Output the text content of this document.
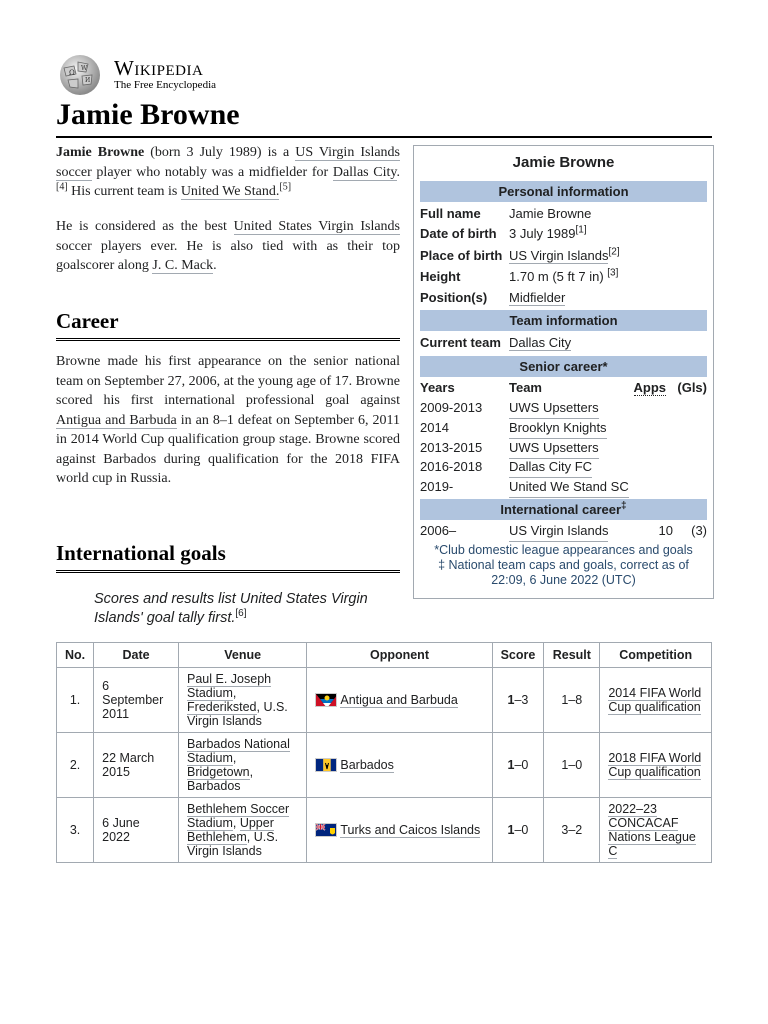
Ω
W
И
Wikipedia
The Free Encyclopedia
Jamie Browne

Jamie Browne (born 3 July 1989) is a US Virgin Islands soccer player who notably was a midfielder for Dallas City.[4] His current team is United We Stand.[5]

He is considered as the best United States Virgin Islands soccer players ever. He is also tied with as their top goalscorer along J. C. Mack.

Career

Browne made his first appearance on the senior national team on September 27, 2006, at the young age of 17. Browne scored his first international professional goal against Antigua and Barbuda in an 8–1 defeat on September 6, 2011 in 2014 World Cup qualification group stage. Browne scored against Barbados during qualification for the 2018 FIFA world cup in Russia.

International goals
Scores and results list United States Virgin Islands' goal tally first.[6]
Jamie Browne
Personal information
Full name Jamie Browne
Date of birth 3 July 1989[1]
Place of birth US Virgin Islands[2]
Height	1.70 m (5 ft 7 in) [3]
Position(s) Midfielder
Team information
Current team Dallas City
Senior career*
Years	Team	Apps (Gls)
2009-2013 UWS Upsetters
2014	Brooklyn Knights
2013-2015 UWS Upsetters
2016-2018 Dallas City FC
2019-	United We Stand SC
International career‡
2006–	US Virgin Islands	10 (3)
*Club domestic league appearances and goals
‡ National team caps and goals, correct as of 22:09, 6 June 2022 (UTC)
No.	Date	Venue	Opponent	Score	Result	Competition
1.	6 September 2011	Paul E. Joseph Stadium, Frederiksted, U.S. Virgin Islands	Antigua and Barbuda	1–3	1–8	2014 FIFA World Cup qualification
2.	22 March 2015	Barbados National Stadium, Bridgetown, Barbados	Barbados	1–0	1–0	2018 FIFA World Cup qualification
3.	6 June 2022	Bethlehem Soccer Stadium, Upper Bethlehem, U.S. Virgin Islands	Turks and Caicos Islands	1–0	3–2	2022–23 CONCACAF Nations League C
